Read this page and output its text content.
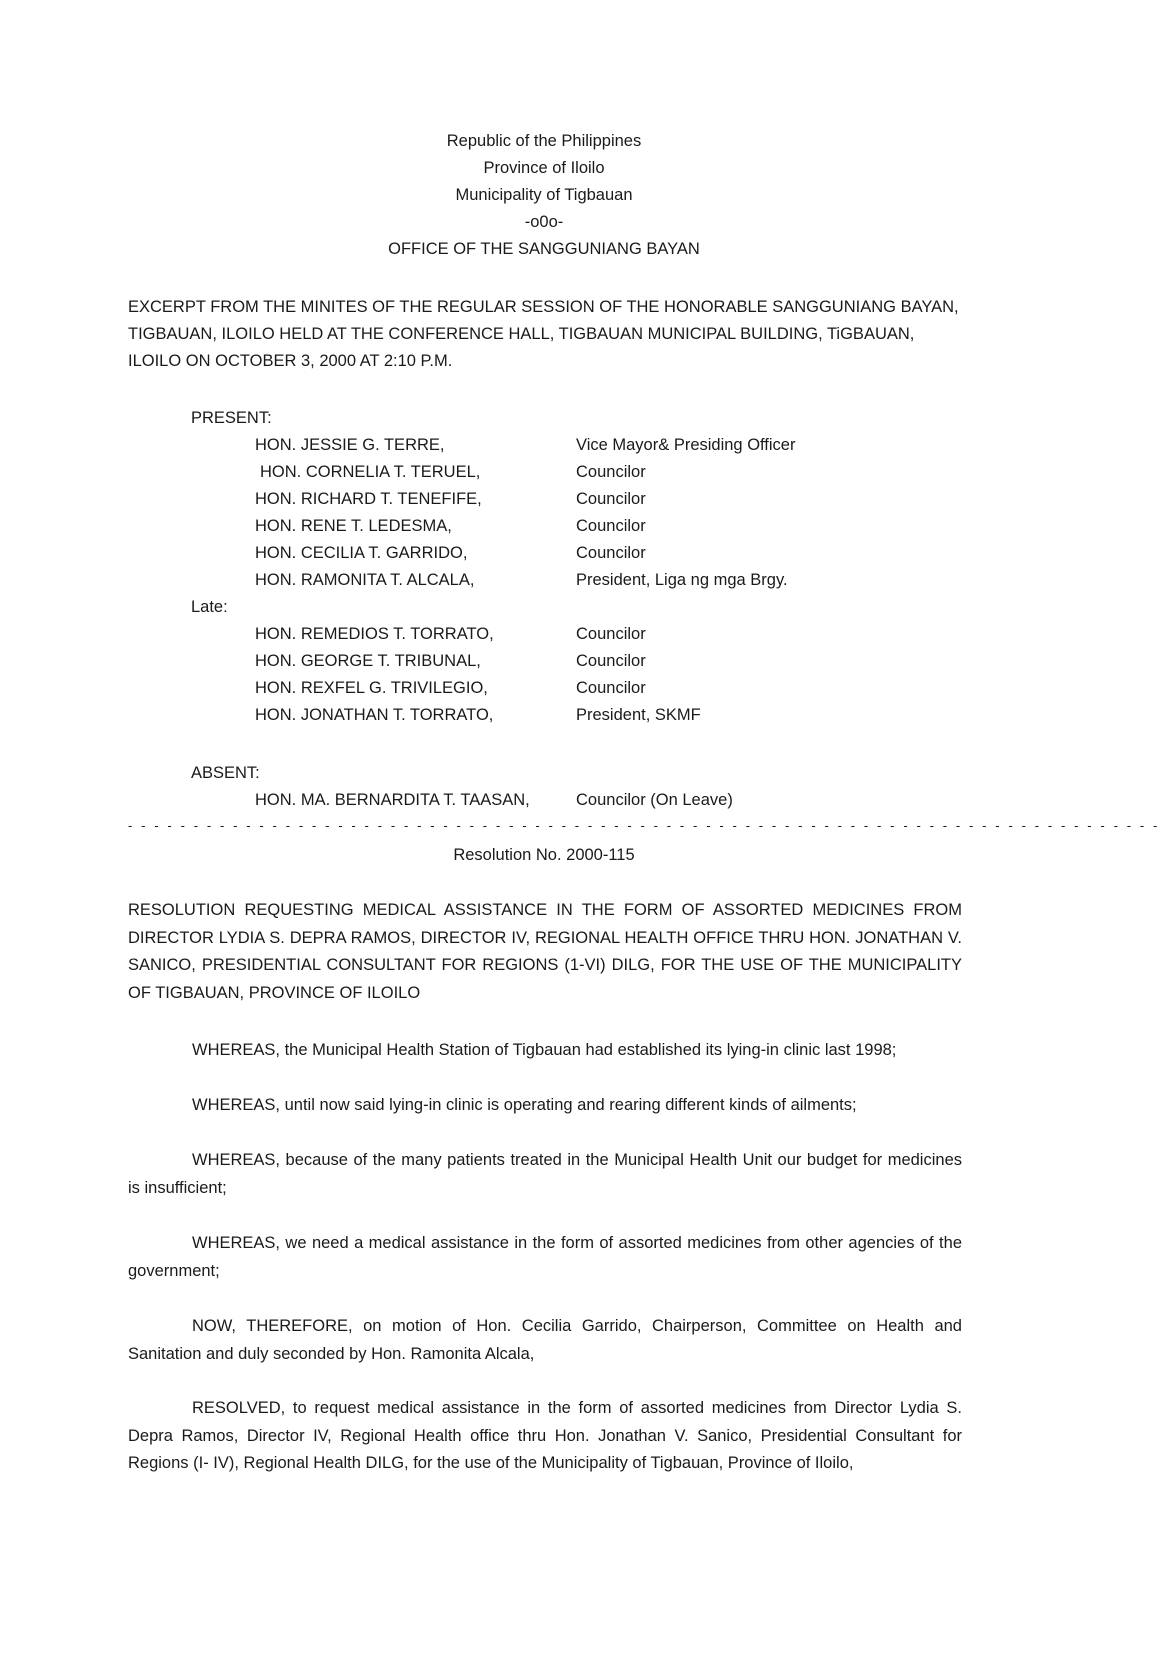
Republic of the Philippines
Province of Iloilo
Municipality of Tigbauan
-o0o-
OFFICE OF THE SANGGUNIANG BAYAN
EXCERPT FROM THE MINITES OF THE REGULAR SESSION OF THE HONORABLE SANGGUNIANG BAYAN,
TIGBAUAN, ILOILO HELD AT THE CONFERENCE HALL, TIGBAUAN MUNICIPAL BUILDING, TiGBAUAN,
ILOILO ON OCTOBER 3, 2000 AT 2:10 P.M.
PRESENT:
HON. JESSIE G. TERRE,	Vice Mayor& Presiding Officer
HON. CORNELIA T. TERUEL,	Councilor
HON. RICHARD T. TENEFIFE,	Councilor
HON. RENE T. LEDESMA,	Councilor
HON. CECILIA T. GARRIDO,	Councilor
HON. RAMONITA T. ALCALA,	President, Liga ng mga Brgy.
Late:
HON. REMEDIOS T. TORRATO,	Councilor
HON. GEORGE T. TRIBUNAL,	Councilor
HON. REXFEL G. TRIVILEGIO,	Councilor
HON. JONATHAN T. TORRATO,	President, SKMF
ABSENT:
HON. MA. BERNARDITA T. TAASAN,	Councilor (On Leave)
- - - - - - - - - - - - - - - - - - - - - - - - - - - - - - - - - - - - - - - - - - - - - - - - - - - - - - - - - - - - - - - - - - - - - - - - - - - - - - -
Resolution No. 2000-115
RESOLUTION REQUESTING MEDICAL ASSISTANCE IN THE FORM OF ASSORTED MEDICINES FROM DIRECTOR LYDIA S. DEPRA RAMOS, DIRECTOR IV, REGIONAL HEALTH OFFICE THRU HON. JONATHAN V. SANICO, PRESIDENTIAL CONSULTANT FOR REGIONS (1-VI) DILG, FOR THE USE OF THE MUNICIPALITY OF TIGBAUAN, PROVINCE OF ILOILO
WHEREAS, the Municipal Health Station of Tigbauan had established its lying-in clinic last 1998;
WHEREAS, until now said lying-in clinic is operating and rearing different kinds of ailments;
WHEREAS, because of the many patients treated in the Municipal Health Unit our budget for medicines is insufficient;
WHEREAS, we need a medical assistance in the form of assorted medicines from other agencies of the government;
NOW, THEREFORE, on motion of Hon. Cecilia Garrido, Chairperson, Committee on Health and Sanitation and duly seconded by Hon. Ramonita Alcala,
RESOLVED, to request medical assistance in the form of assorted medicines from Director Lydia S. Depra Ramos, Director IV, Regional Health office thru Hon. Jonathan V. Sanico, Presidential Consultant for Regions (I- IV), Regional Health DILG, for the use of the Municipality of Tigbauan, Province of Iloilo,
